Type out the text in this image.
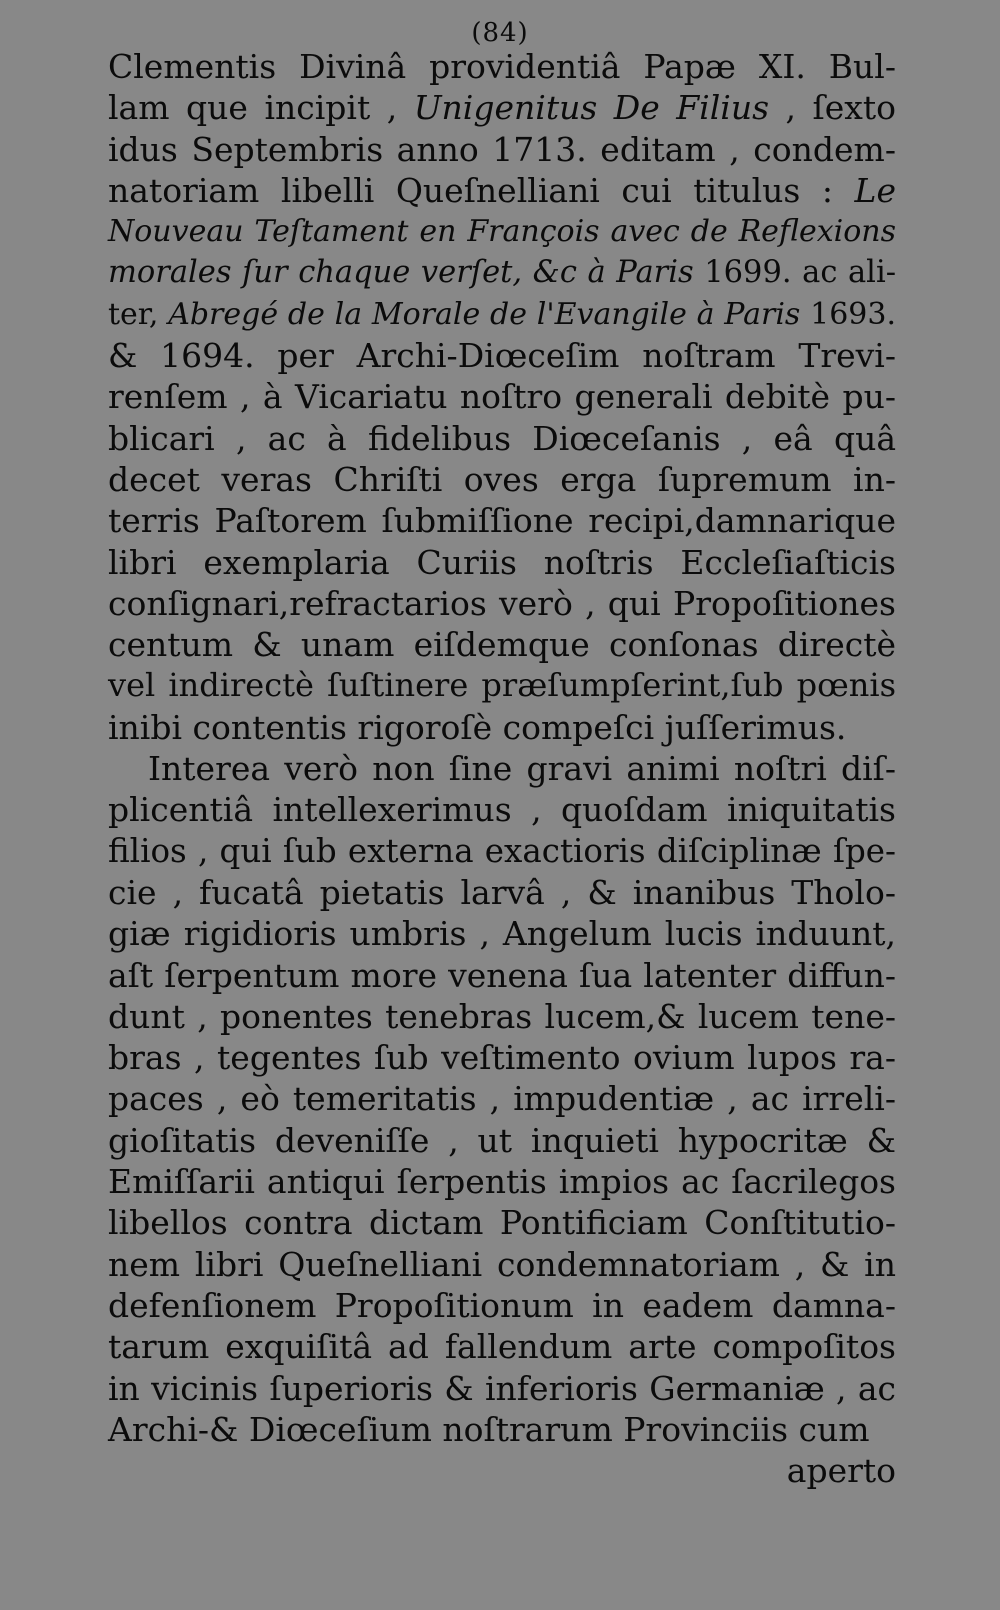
(84)
Clementis Divinâ providentiâ Papæ XI. Bul-
lam que incipit , Unigenitus De Filius , ſexto
idus Septembris anno 1713. editam , condem-
natoriam libelli Queſnelliani cui titulus : Le
Nouveau Teſtament en François avec de Reflexions
morales ſur chaque verſet, &c à Paris 1699. ac ali-
ter, Abregé de la Morale de l'Evangile à Paris 1693.
& 1694. per Archi-Diœceſim noſtram Trevi-
renſem , à Vicariatu noſtro generali debitè pu-
blicari , ac à fidelibus Diœceſanis , eâ quâ
decet veras Chriſti oves erga ſupremum in-
terris Paſtorem ſubmiſſione recipi,damnarique
libri exemplaria Curiis noſtris Eccleſiaſticis
conſignari,refractarios verò , qui Propoſitiones
centum & unam eiſdemque conſonas directè
vel indirectè ſuſtinere præſumpſerint,ſub pœnis
inibi contentis rigoroſè compeſci juſſerimus.
Interea verò non ſine gravi animi noſtri diſ-
plicentiâ intellexerimus , quoſdam iniquitatis
filios , qui ſub externa exactioris diſciplinæ ſpe-
cie , fucatâ pietatis larvâ , & inanibus Tholo-
giæ rigidioris umbris , Angelum lucis induunt,
aſt ſerpentum more venena ſua latenter diffun-
dunt , ponentes tenebras lucem,& lucem tene-
bras , tegentes ſub veſtimento ovium lupos ra-
paces , eò temeritatis , impudentiæ , ac irreli-
gioſitatis deveniſſe , ut inquieti hypocritæ &
Emiſſarii antiqui ſerpentis impios ac ſacrilegos
libellos contra dictam Pontificiam Conſtitutio-
nem libri Queſnelliani condemnatoriam , & in
defenſionem Propoſitionum in eadem damna-
tarum exquiſitâ ad fallendum arte compoſitos
in vicinis ſuperioris & inferioris Germaniæ , ac
Archi-& Diœceſium noſtrarum Provinciis cum
aperto
